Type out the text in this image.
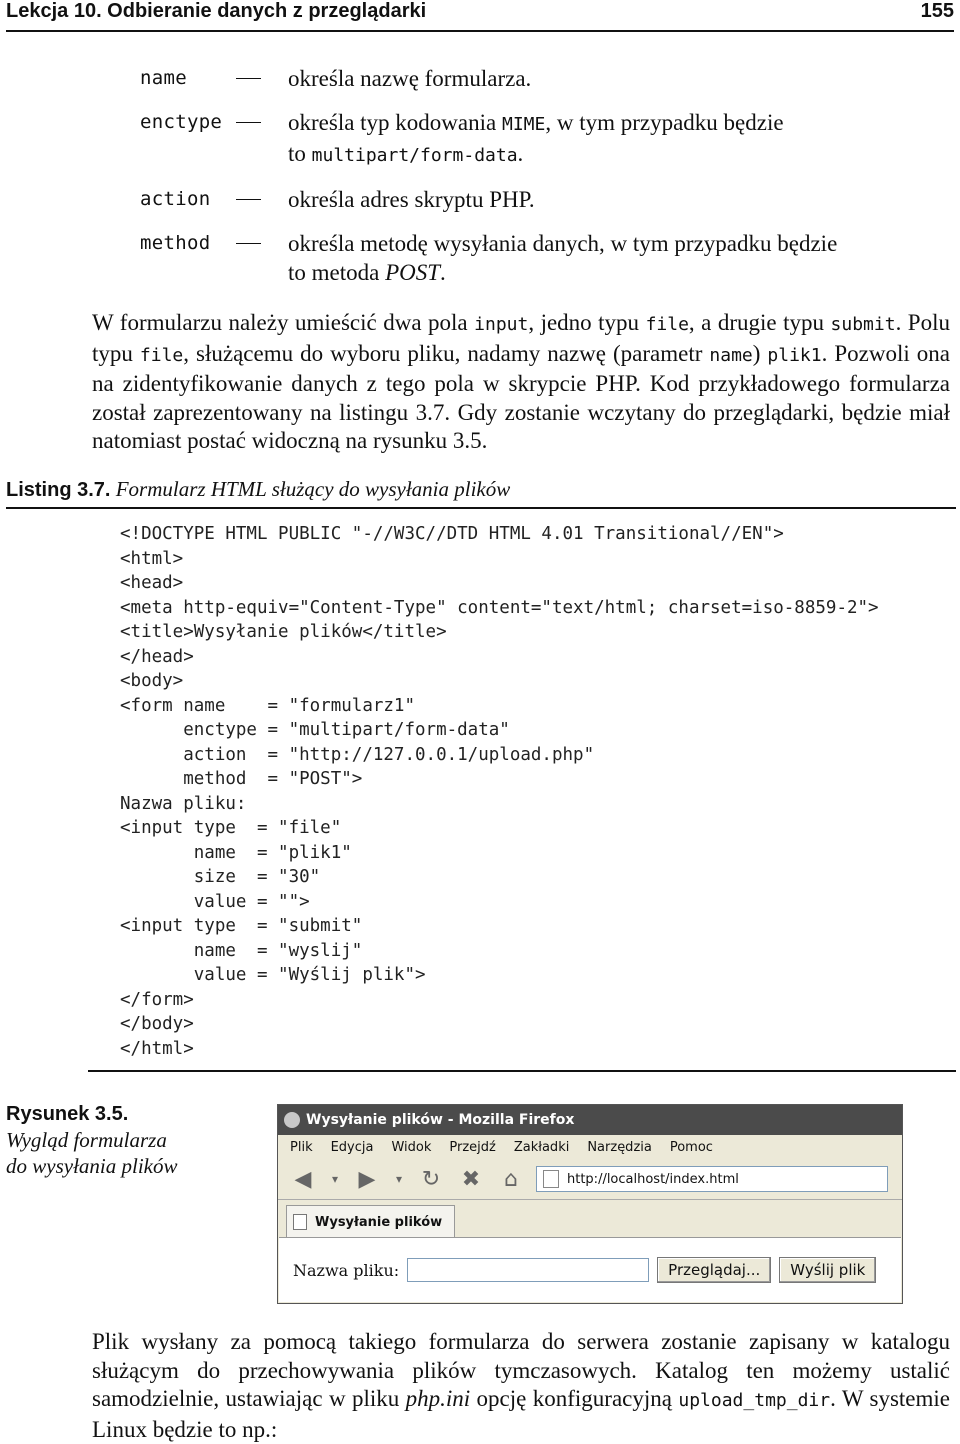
Lekcja 10. Odbieranie danych z przeglądarki	155
name	określa nazwę formularza.
enctype	określa typ kodowania MIME, w tym przypadku będzie
to multipart/form-data.
action	określa adres skryptu PHP.
method	określa metodę wysyłania danych, w tym przypadku będzie
to metoda POST.
W formularzu należy umieścić dwa pola input, jedno typu file, a drugie typu submit. Polu typu file, służącemu do wyboru pliku, nadamy nazwę (parametr name) plik1. Pozwoli ona na zidentyfikowanie danych z tego pola w skrypcie PHP. Kod przykładowego formularza został zaprezentowany na listingu 3.7. Gdy zostanie wczytany do przeglądarki, będzie miał natomiast postać widoczną na rysunku 3.5.
Listing 3.7. Formularz HTML służący do wysyłania plików
<!DOCTYPE HTML PUBLIC "-//W3C//DTD HTML 4.01 Transitional//EN">
<html>
<head>
<meta http-equiv="Content-Type" content="text/html; charset=iso-8859-2">
<title>Wysyłanie plików</title>
</head>
<body>
<form name    = "formularz1"
enctype = "multipart/form-data"
action  = "http://127.0.0.1/upload.php"
method  = "POST">
Nazwa pliku:
<input type  = "file"
name  = "plik1"
size  = "30"
value = "">
<input type  = "submit"
name  = "wyslij"
value = "Wyślij plik">
</form>
</body>
</html>
Rysunek 3.5.
Wygląd formularza
do wysyłania plików
Wysyłanie plików - Mozilla Firefox
Plik Edycja Widok Przejdź Zakładki Narzędzia Pomoc
◀	▾ ▶	▾ ↻ ✖	⌂	http://localhost/index.html
Wysyłanie plików
Nazwa pliku:	Przeglądaj...	Wyślij plik
Plik wysłany za pomocą takiego formularza do serwera zostanie zapisany w katalogu służącym do przechowywania plików tymczasowych. Katalog ten możemy ustalić samodzielnie, ustawiając w pliku php.ini opcję konfiguracyjną upload_tmp_dir. W systemie Linux będzie to np.:
